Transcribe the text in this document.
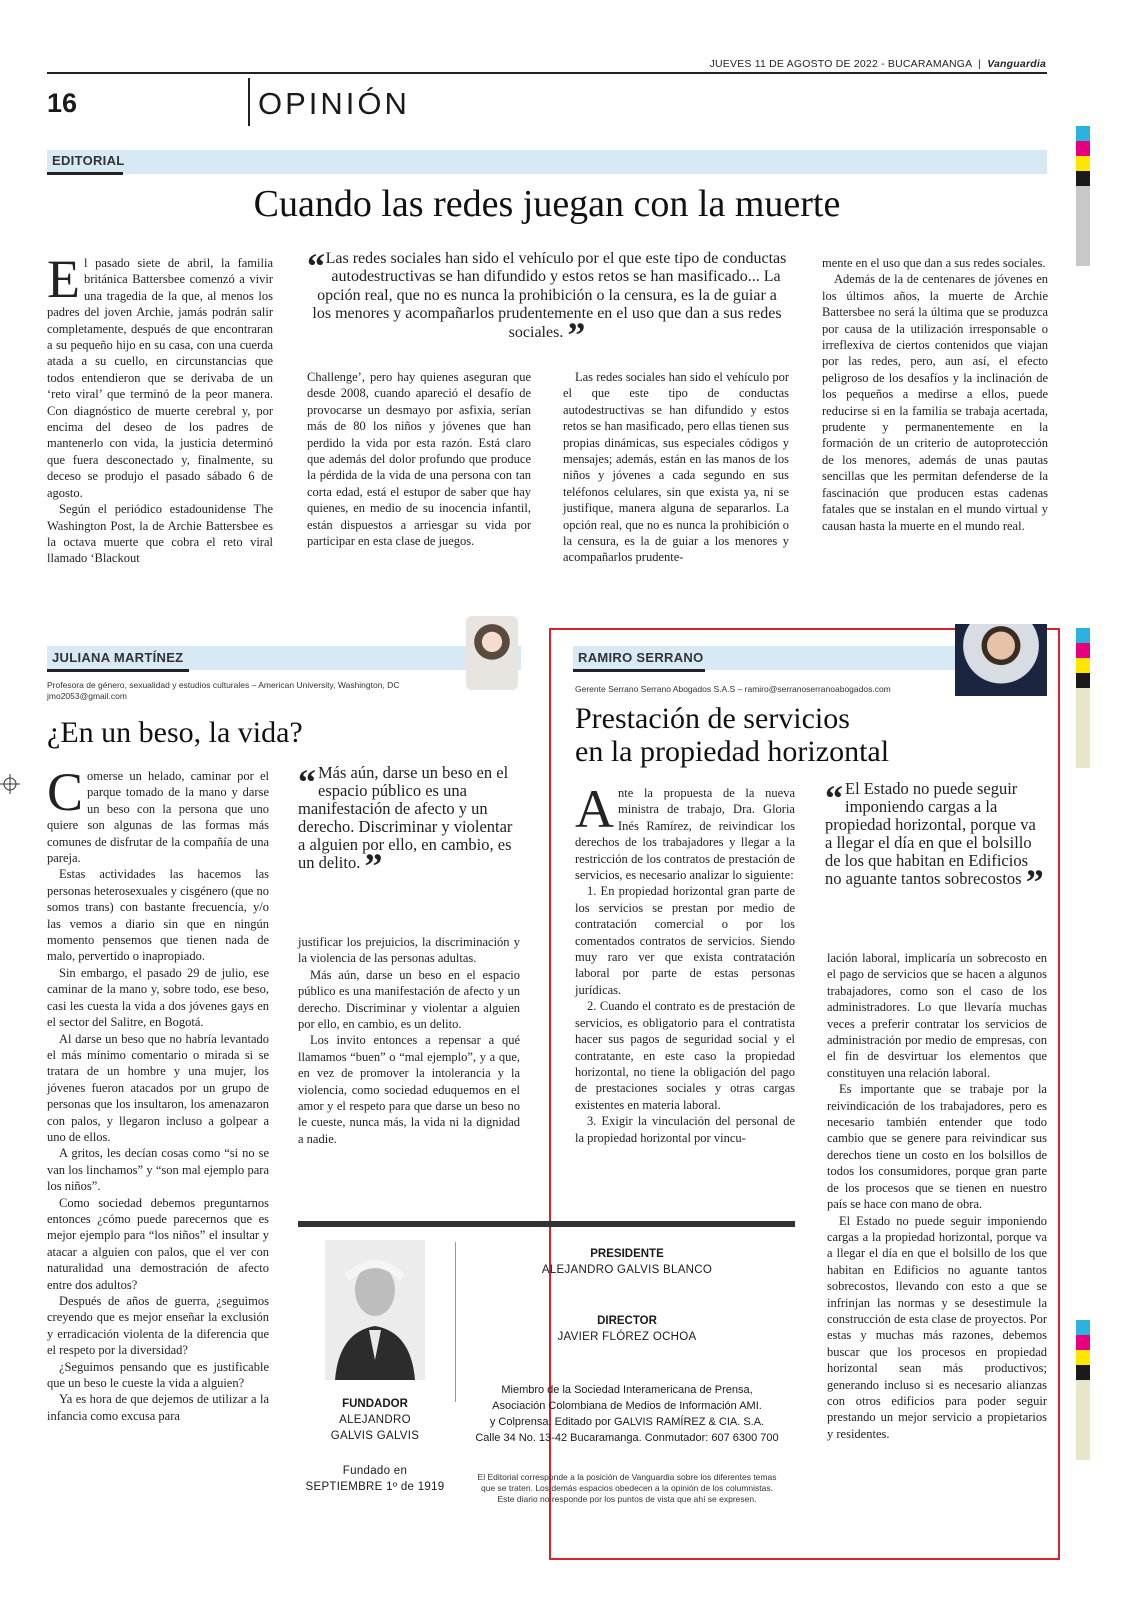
JUEVES 11 DE AGOSTO DE 2022 - BUCARAMANGA  |  Vanguardia
16	OPINIÓN
EDITORIAL
Cuando las redes juegan con la muerte

El pasado siete de abril, la familia británica Battersbee comenzó a vivir una tragedia de la que, al menos los padres del joven Archie, jamás podrán salir completamente, después de que encontraran a su pequeño hijo en su casa, con una cuerda atada a su cuello, en circunstancias que todos entendieron que se derivaba de un ‘reto viral’ que terminó de la peor manera. Con diagnóstico de muerte cerebral y, por encima del deseo de los padres de mantenerlo con vida, la justicia determinó que fuera desconectado y, finalmente, su deceso se produjo el pasado sábado 6 de agosto.

Según el periódico estadounidense The Washington Post, la de Archie Battersbee es la octava muerte que cobra el reto viral llamado ‘Blackout

“ Las redes sociales han sido el vehículo por el que este tipo de conductas autodestructivas se han difundido y estos retos se han masificado... La opción real, que no es nunca la prohibición o la censura, es la de guiar a los menores y acompañarlos prudentemente en el uso que dan a sus redes sociales. ”

Challenge’, pero hay quienes aseguran que desde 2008, cuando apareció el desafío de provocarse un desmayo por asfixia, serían más de 80 los niños y jóvenes que han perdido la vida por esta razón. Está claro que además del dolor profundo que produce la pérdida de la vida de una persona con tan corta edad, está el estupor de saber que hay quienes, en medio de su inocencia infantil, están dispuestos a arriesgar su vida por participar en esta clase de juegos.

Las redes sociales han sido el vehículo por el que este tipo de conductas autodestructivas se han difundido y estos retos se han masificado, pero ellas tienen sus propias dinámicas, sus especiales códigos y mensajes; además, están en las manos de los niños y jóvenes a cada segundo en sus teléfonos celulares, sin que exista ya, ni se justifique, manera alguna de separarlos. La opción real, que no es nunca la prohibición o la censura, es la de guiar a los menores y acompañarlos prudente-

mente en el uso que dan a sus redes sociales.

Además de la de centenares de jóvenes en los últimos años, la muerte de Archie Battersbee no será la última que se produzca por causa de la utilización irresponsable o irreflexiva de ciertos contenidos que viajan por las redes, pero, aun así, el efecto peligroso de los desafíos y la inclinación de los pequeños a medirse a ellos, puede reducirse si en la familia se trabaja acertada, prudente y permanentemente en la formación de un criterio de autoprotección de los menores, además de unas pautas sencillas que les permitan defenderse de la fascinación que producen estas cadenas fatales que se instalan en el mundo virtual y causan hasta la muerte en el mundo real.

JULIANA MARTÍNEZ
Profesora de género, sexualidad y estudios culturales – American University, Washington, DC
jmo2053@gmail.com
¿En un beso, la vida?

Comerse un helado, caminar por el parque tomado de la mano y darse un beso con la persona que uno quiere son algunas de las formas más comunes de disfrutar de la compañía de una pareja.

Estas actividades las hacemos las personas heterosexuales y cisgénero (que no somos trans) con bastante frecuencia, y/o las vemos a diario sin que en ningún momento pensemos que tienen nada de malo, pervertido o inapropiado.

Sin embargo, el pasado 29 de julio, ese caminar de la mano y, sobre todo, ese beso, casi les cuesta la vida a dos jóvenes gays en el sector del Salitre, en Bogotá.

Al darse un beso que no habría levantado el más mínimo comentario o mirada si se tratara de un hombre y una mujer, los jóvenes fueron atacados por un grupo de personas que los insultaron, los amenazaron con palos, y llegaron incluso a golpear a uno de ellos.

A gritos, les decían cosas como “si no se van los linchamos” y “son mal ejemplo para los niños”.

Como sociedad debemos preguntarnos entonces ¿cómo puede parecernos que es mejor ejemplo para “los niños” el insultar y atacar a alguien con palos, que el ver con naturalidad una demostración de afecto entre dos adultos?

Después de años de guerra, ¿seguimos creyendo que es mejor enseñar la exclusión y erradicación violenta de la diferencia que el respeto por la diversidad?

¿Seguimos pensando que es justificable que un beso le cueste la vida a alguien?

Ya es hora de que dejemos de utilizar a la infancia como excusa para

“ Más aún, darse un beso en el espacio público es una manifestación de afecto y un derecho. Discriminar y violentar a alguien por ello, en cambio, es un delito. ”

justificar los prejuicios, la discriminación y la violencia de las personas adultas.

Más aún, darse un beso en el espacio público es una manifestación de afecto y un derecho. Discriminar y violentar a alguien por ello, en cambio, es un delito.

Los invito entonces a repensar a qué llamamos “buen” o “mal ejemplo”, y a que, en vez de promover la intolerancia y la violencia, como sociedad eduquemos en el amor y el respeto para que darse un beso no le cueste, nunca más, la vida ni la dignidad a nadie.

RAMIRO SERRANO
Gerente Serrano Serrano Abogados S.A.S – ramiro@serranoserranoabogados.com
Prestación de servicios
en la propiedad horizontal

Ante la propuesta de la nueva ministra de trabajo, Dra. Gloria Inés Ramírez, de reivindicar los derechos de los trabajadores y llegar a la restricción de los contratos de prestación de servicios, es necesario analizar lo siguiente:

1. En propiedad horizontal gran parte de los servicios se prestan por medio de contratación comercial o por los comentados contratos de servicios. Siendo muy raro ver que exista contratación laboral por parte de estas personas jurídicas.

2. Cuando el contrato es de prestación de servicios, es obligatorio para el contratista hacer sus pagos de seguridad social y el contratante, en este caso la propiedad horizontal, no tiene la obligación del pago de prestaciones sociales y otras cargas existentes en materia laboral.

3. Exigir la vinculación del personal de la propiedad horizontal por vincu-

“ El Estado no puede seguir imponiendo cargas a la propiedad horizontal, porque va a llegar el día en que el bolsillo de los que habitan en Edificios no aguante tantos sobrecostos ”

lación laboral, implicaría un sobrecosto en el pago de servicios que se hacen a algunos trabajadores, como son el caso de los administradores. Lo que llevaría muchas veces a preferir contratar los servicios de administración por medio de empresas, con el fin de desvirtuar los elementos que constituyen una relación laboral.

Es importante que se trabaje por la reivindicación de los trabajadores, pero es necesario también entender que todo cambio que se genere para reivindicar sus derechos tiene un costo en los bolsillos de todos los consumidores, porque gran parte de los procesos que se tienen en nuestro país se hace con mano de obra.

El Estado no puede seguir imponiendo cargas a la propiedad horizontal, porque va a llegar el día en que el bolsillo de los que habitan en Edificios no aguante tantos sobrecostos, llevando con esto a que se infrinjan las normas y se desestimule la construcción de esta clase de proyectos. Por estas y muchas más razones, debemos buscar que los procesos en propiedad horizontal sean más productivos; generando incluso si es necesario alianzas con otros edificios para poder seguir prestando un mejor servicio a propietarios y residentes.

FUNDADOR
ALEJANDRO
GALVIS GALVIS
Fundado en
SEPTIEMBRE 1º de 1919
PRESIDENTE
ALEJANDRO GALVIS BLANCO
DIRECTOR
JAVIER FLÓREZ OCHOA
Miembro de la Sociedad Interamericana de Prensa,
Asociación Colombiana de Medios de Información AMI.
y Colprensa. Editado por GALVIS RAMÍREZ & CIA. S.A.
Calle 34 No. 13-42 Bucaramanga. Conmutador: 607 6300 700
El Editorial corresponde a la posición de Vanguardia sobre los diferentes temas
que se traten. Los demás espacios obedecen a la opinión de los columnistas.
Este diario no responde por los puntos de vista que ahí se expresen.
